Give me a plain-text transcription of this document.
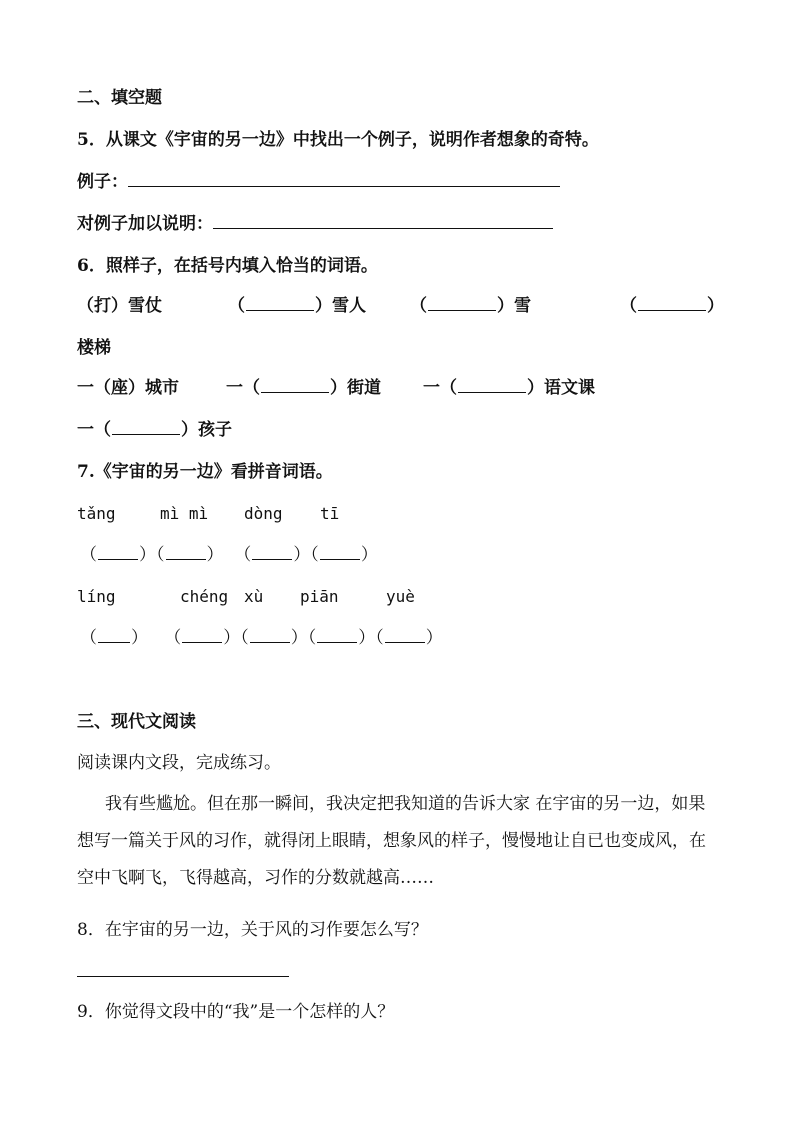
二、填空题
5．从课文《宇宙的另一边》中找出一个例子，说明作者想象的奇特。
例子：
对例子加以说明：
6．照样子，在括号内填入恰当的词语。
（打）雪仗	（	）雪人	（	）雪	（	）
楼梯
一（座）城市	一（	）街道 一（	）语文课
一（	）孩子
7.《宇宙的另一边》看拼音词语。
tǎng	mì mì dòng tī
（ ）（ ）  （ ）（ ）
líng	chéng xù piān	yuè
（ ）   （ ）（ ）（ ）（ ）
三、现代文阅读
阅读课内文段，完成练习。
我有些尴尬。但在那一瞬间，我决定把我知道的告诉大家 在宇宙的另一边，如果想写一篇关于风的习作，就得闭上眼睛，想象风的样子，慢慢地让自已也变成风，在空中飞啊飞，飞得越高，习作的分数就越高……
8．在宇宙的另一边，关于风的习作要怎么写？
9．你觉得文段中的“我”是一个怎样的人？
